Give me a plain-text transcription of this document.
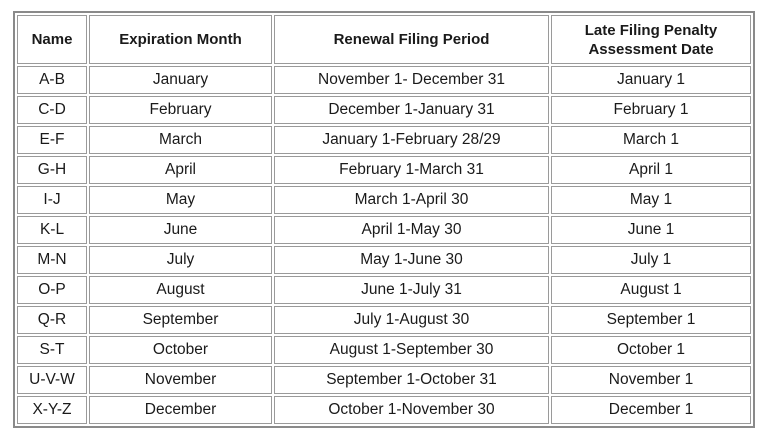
Name	Expiration Month	Renewal Filing Period	Late Filing Penalty
Assessment Date

A-B	January	November 1- December 31	January 1
C-D	February	December 1-January 31	February 1
E-F	March	January 1-February 28/29	March 1
G-H	April	February 1-March 31	April 1
I-J	May	March 1-April 30	May 1
K-L	June	April 1-May 30	June 1
M-N	July	May 1-June 30	July 1
O-P	August	June 1-July 31	August 1
Q-R	September	July 1-August 30	September 1
S-T	October	August 1-September 30	October 1
U-V-W	November	September 1-October 31	November 1
X-Y-Z	December	October 1-November 30	December 1
